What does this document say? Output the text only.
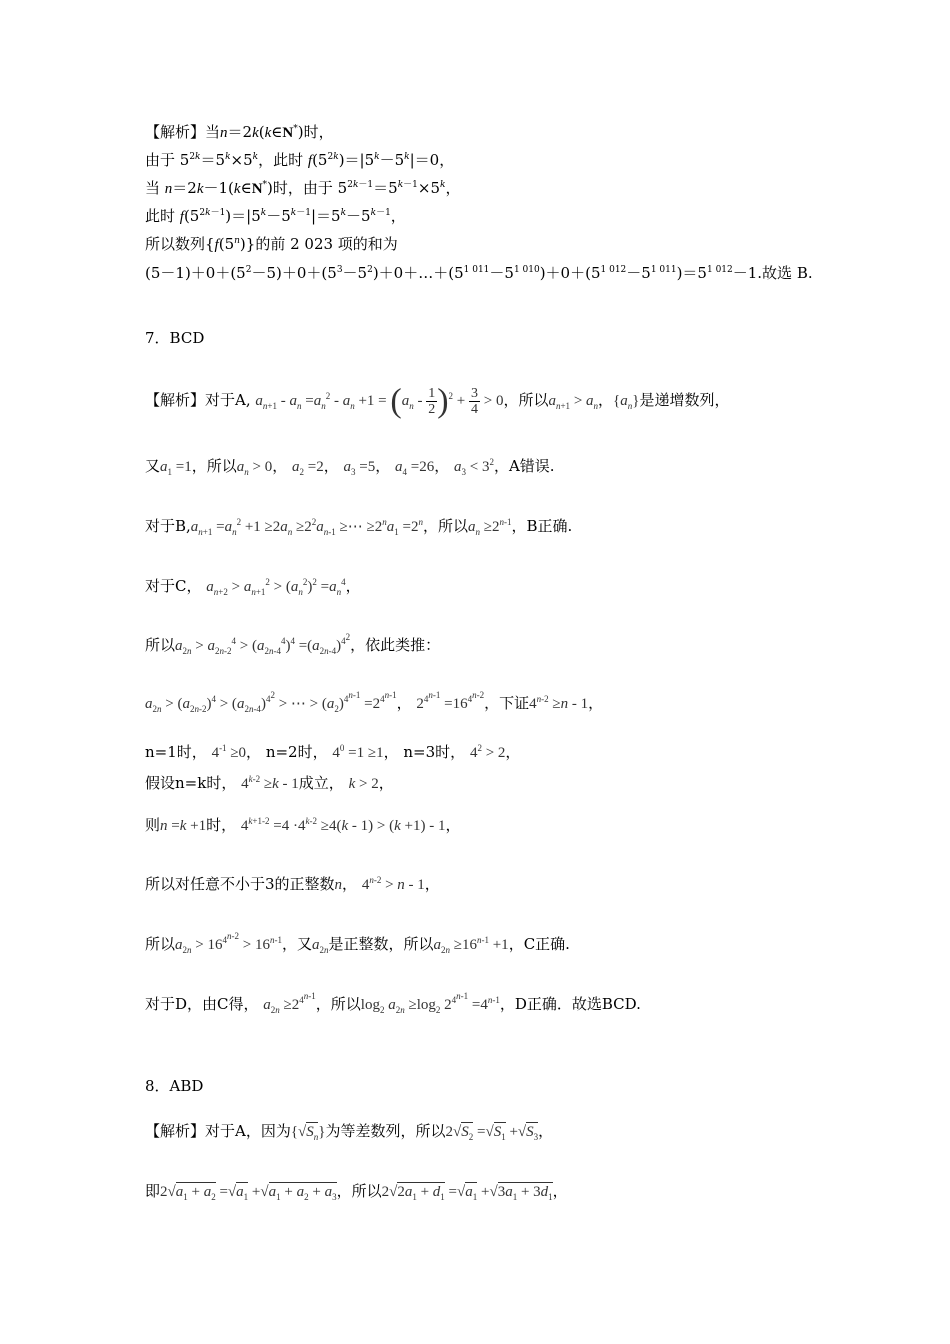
【解析】当n＝2k(k∈N*)时，
由于 $5^{2k}=5^k\times 5^k$，此时 $f(5^{2k})=|5^k-5^k|=0$，
当 n＝2k－1(k∈N*)时，由于 $5^{2k-1}=5^{k-1}\times 5^k$，
此时 $f(5^{2k-1})=|5^k-5^{k-1}|=5^k-5^{k-1}$，
所以数列{f(5$^n$)}的前 2 023 项的和为
$(5-1)+0+(5^2-5)+0+(5^3-5^2)+0+\dots+(5^{1 011}-5^{1 010})+0+(5^{1 012}-5^{1 011})=5^{1 012}-1$.故选 B.
7．BCD
【解析】对于A, $a_{n+1} - a_n =a_n^2 - a_n +1 = (a_n - \frac{1}{2} )^2 + \frac{3}{4} > 0$，所以$a_{n+1} > a_n$，$\{a_n\}$是递增数列，
又$a_1 =1$，所以$a_n > 0$， $a_2 =2$， $a_3 =5$， $a_4 =26$， $a_3 < 3^2$，A错误.
对于$B,a_{n+1} =a_n^2 +1 \ge 2a_n \ge 2^2a_{n-1}$ ≥⋯ $\ge 2^na_1 =2^n$，所以$a_n \ge 2^{n-1}$，B正确.
对于C， $a_{n+2} > a_{n+1}^2 > (a_n^2)^2 =a_n^4$，
所以$a_{2n} > a_{2n-2}^4 > (a_{2n-4}^4)^4 =(a_{2n-4})^{4^2}$，依此类推：
$a_{2n} > (a_{2n-2})^4 > (a_{2n-4})^{4^2}$ > ⋯ > $(a_2)^{4^{n-1}} =2^{4^{n-1}}$， $2^{4^{n-1}} =16^{4^{n-2}}$，下证$4^{n-2} \ge n - 1$，
n=1时， $4^{-1} \ge 0$， n=2时， $4^0 =1 \ge 1$， n=3时， $4^2 > 2$，
假设n=k时， $4^{k-2} \ge k - 1$成立， k > 2，
则n =k +1时， $4^{k+1-2} =4 \cdot 4^{k-2} \ge 4(k - 1) > (k +1) - 1$，
所以对任意不小于3的正整数n， $4^{n-2} > n - 1$，
所以$a_{2n} > 16^{4^{n-2}} > 16^{n-1}$，又$a_{2n}$是正整数，所以$a_{2n} \ge 16^{n-1} +1$，C正确.
对于D，由C得， $a_{2n} \ge 2^{4^{n-1}}$，所以$\log_2 a_{2n} \ge\log_2$ $2^{4^{n-1}} =4^{n-1}$，D正确．故选BCD.
8．ABD
【解析】对于A，因为$\{√S_n\}$为等差数列，所以$2√S_2 =√S_1 +√S_3$，
即$2√a_1 + a_2 =√a_1 +√a_1 + a_2 + a_3$，所以$2√2a_1 + d_1 =√a_1 +√3a_1 + 3d_1$，
